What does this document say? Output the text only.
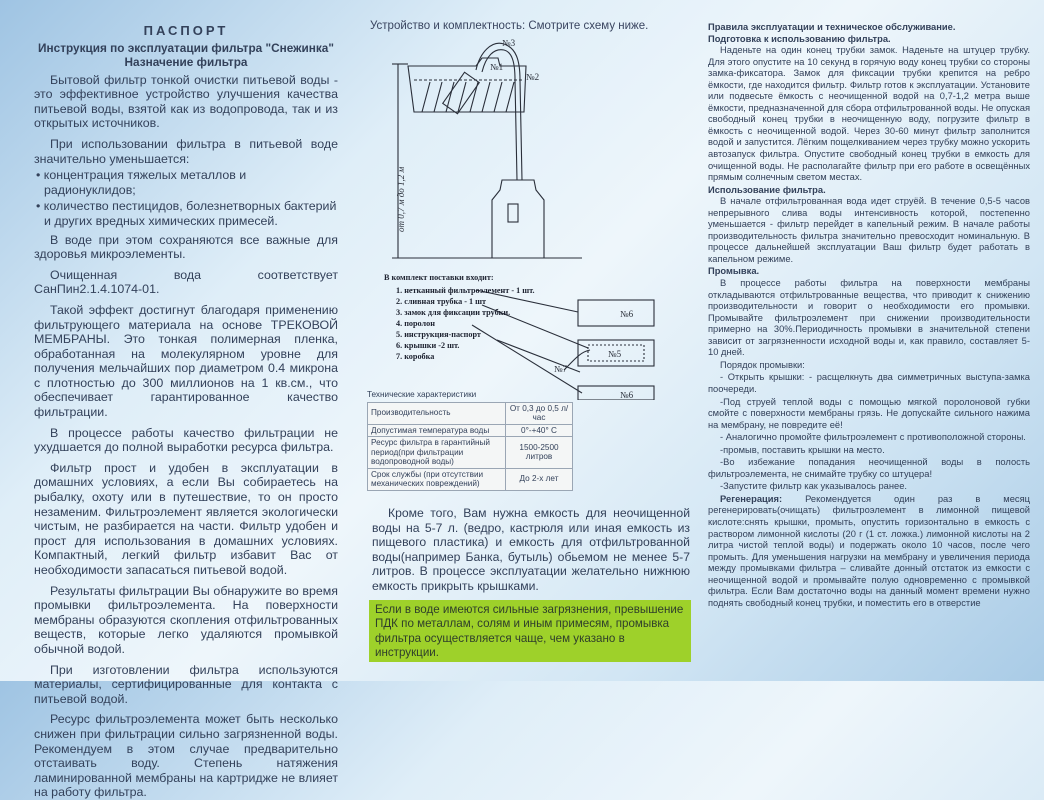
ПАСПОРТ
Инструкция по эксплуатации фильтра "Снежинка"
Назначение фильтра

Бытовой фильтр тонкой очистки питьевой воды - это эффективное устройство улучшения качества питьевой воды, взятой как из водопровода, так и из открытых источников.

При использовании фильтра в питьевой воде значительно уменьшается:

• концентрация тяжелых металлов и радионуклидов;
• количество пестицидов, болезнетворных бактерий и других вредных химических примесей.

В воде при этом сохраняются все важные для здоровья микроэлементы.

Очищенная вода соответствует СанПин2.1.4.1074-01.

Такой эффект достигнут благодаря применению фильтрующего материала на основе ТРЕКОВОЙ МЕМБРАНЫ. Это тонкая полимерная пленка, обработанная на молекулярном уровне для получения мельчайших пор диаметром 0.4 микрона с плотностью до 300 миллионов на 1 кв.см., что обеспечивает гарантированное качество фильтрации.

В процессе работы качество фильтрации не ухудшается до полной выработки ресурса фильтра.

Фильтр прост и удобен в эксплуатации в домашних условиях, а если Вы собираетесь на рыбалку, охоту или в путешествие, то он просто незаменим. Фильтроэлемент является экологически чистым, не разбирается на части. Фильтр удобен и прост для использования в домашних условиях. Компактный, легкий фильтр избавит Вас от необходимости запасаться питьевой водой.

Результаты фильтрации Вы обнаружите во время промывки фильтроэлемента. На поверхности мембраны образуются скопления отфильтрованных веществ, которые легко удаляются промывкой обычной водой.

При изготовлении фильтра используются материалы, сертифицированные для контакта с питьевой водой.

Ресурс фильтроэлемента может быть несколько снижен при фильтрации сильно загрязненной воды. Рекомендуем в этом случае предварительно отстаивать воду. Степень натяжения ламинированной мембраны на картридже не влияет на работу фильтра.

Устройство и комплектность: Смотрите схему ниже.
№3
№1
№2
№6
№6
№7
№5
от 0,7 м до 1,2 м
В комплект поставки входит:
1. нетканный фильтроэлемент - 1 шт.
2. сливная трубка - 1 шт
3. замок для фиксации трубки.
4. поролон
5. инструкция-паспорт
6. крышки -2 шт.
7. коробка
Технические характеристики
Производительность	От 0,3 до 0,5 л/час
Допустимая температура воды	0°-+40° С
Ресурс фильтра в гарантийный период(при фильтрации водопроводной воды)	1500-2500 литров
Срок службы (при отсутствии механических повреждений)	До 2-х лет
Кроме того, Вам нужна емкость для неочищенной воды на 5-7 л. (ведро, кастрюля или иная емкость из пищевого пластика) и емкость для отфильтрованной воды(например Банка, бутыль) обьемом не менее 5-7 литров. В процессе эксплуатации желательно нижнюю емкость прикрыть крышками.
Если в воде имеются сильные загрязнения, превышение ПДК по металлам, солям и иным примесям, промывка фильтра осуществляется чаще, чем указано в инструкции.
Правила эксплуатации и техническое обслуживание.
Подготовка к использованию фильтра.

Наденьте на один конец трубки замок. Наденьте на штуцер трубку. Для этого опустите на 10 секунд в горячую воду конец трубки со стороны замка-фиксатора. Замок для фиксации трубки крепится на ребро ёмкости, где находится фильтр. Фильтр готов к эксплуатации. Установите или подвесьте ёмкость с неочищенной водой на 0,7-1,2 метра выше ёмкости, предназначенной для сбора отфильтрованной воды. Не опуская свободный конец трубки в неочищенную воду, погрузите фильтр в ёмкость с неочищенной водой. Через 30-60 минут фильтр заполнится водой и запустится. Лёгким пощелкиванием через трубку можно ускорить автозапуск фильтра. Опустите свободный конец трубки в емкость для очищенной воды. Не располагайте фильтр при его работе в освещённых прямым солнечным светом местах.

Использование фильтра.

В начале отфильтрованная вода идет струёй. В течение 0,5-5 часов непрерывного слива воды интенсивность которой, постепенно уменьшается - фильтр перейдет в капельный режим. В начале работы производительность фильтра значительно превосходит номинальную. В процессе дальнейшей эксплуатации Ваш фильтр будет работать в капельном режиме.

Промывка.

В процессе работы фильтра на поверхности мембраны откладываются отфильтрованные вещества, что приводит к снижению производительности и говорит о необходимости его промывки. Промывайте фильтроэлемент при снижении производительности примерно на 30%.Периодичность промывки в значительной степени зависит от загрязненности исходной воды и, как правило, составляет 5-10 дней.

Порядок промывки:

- Открыть крышки: - расщелкнуть два симметричных выступа-замка поочереди.

-Под струей теплой воды с помощью мягкой поролоновой губки смойте с поверхности мембраны грязь. Не допускайте сильного нажима на мембрану, не повредите её!

- Аналогично промойте фильтроэлемент с противоположной стороны.

-промыв, поставить крышки на место.

-Во избежание попадания неочищенной воды в полость фильтроэлемента, не снимайте трубку со штуцера!

-Запустите фильтр как указывалось ранее.

Регенерация: Рекомендуется один раз в месяц регенерировать(очищать) фильтроэлемент в лимонной пищевой кислоте:снять крышки, промыть, опустить горизонтально в емкость с раствором лимонной кислоты (20 г (1 ст. ложка.) лимонной кислоты на 2 литра чистой теплой воды) и подержать около 10 часов, после чего промыть. Для уменьшения нагрузки на мембрану и увеличения периода между промывками фильтра – сливайте донный отстаток из емкости с неочищенной водой и промывайте полую одновременно с промывкой фильтра. Если Вам достаточно воды на данный момент времени нужно поднять свободный конец трубки, и поместить его в отверстие
